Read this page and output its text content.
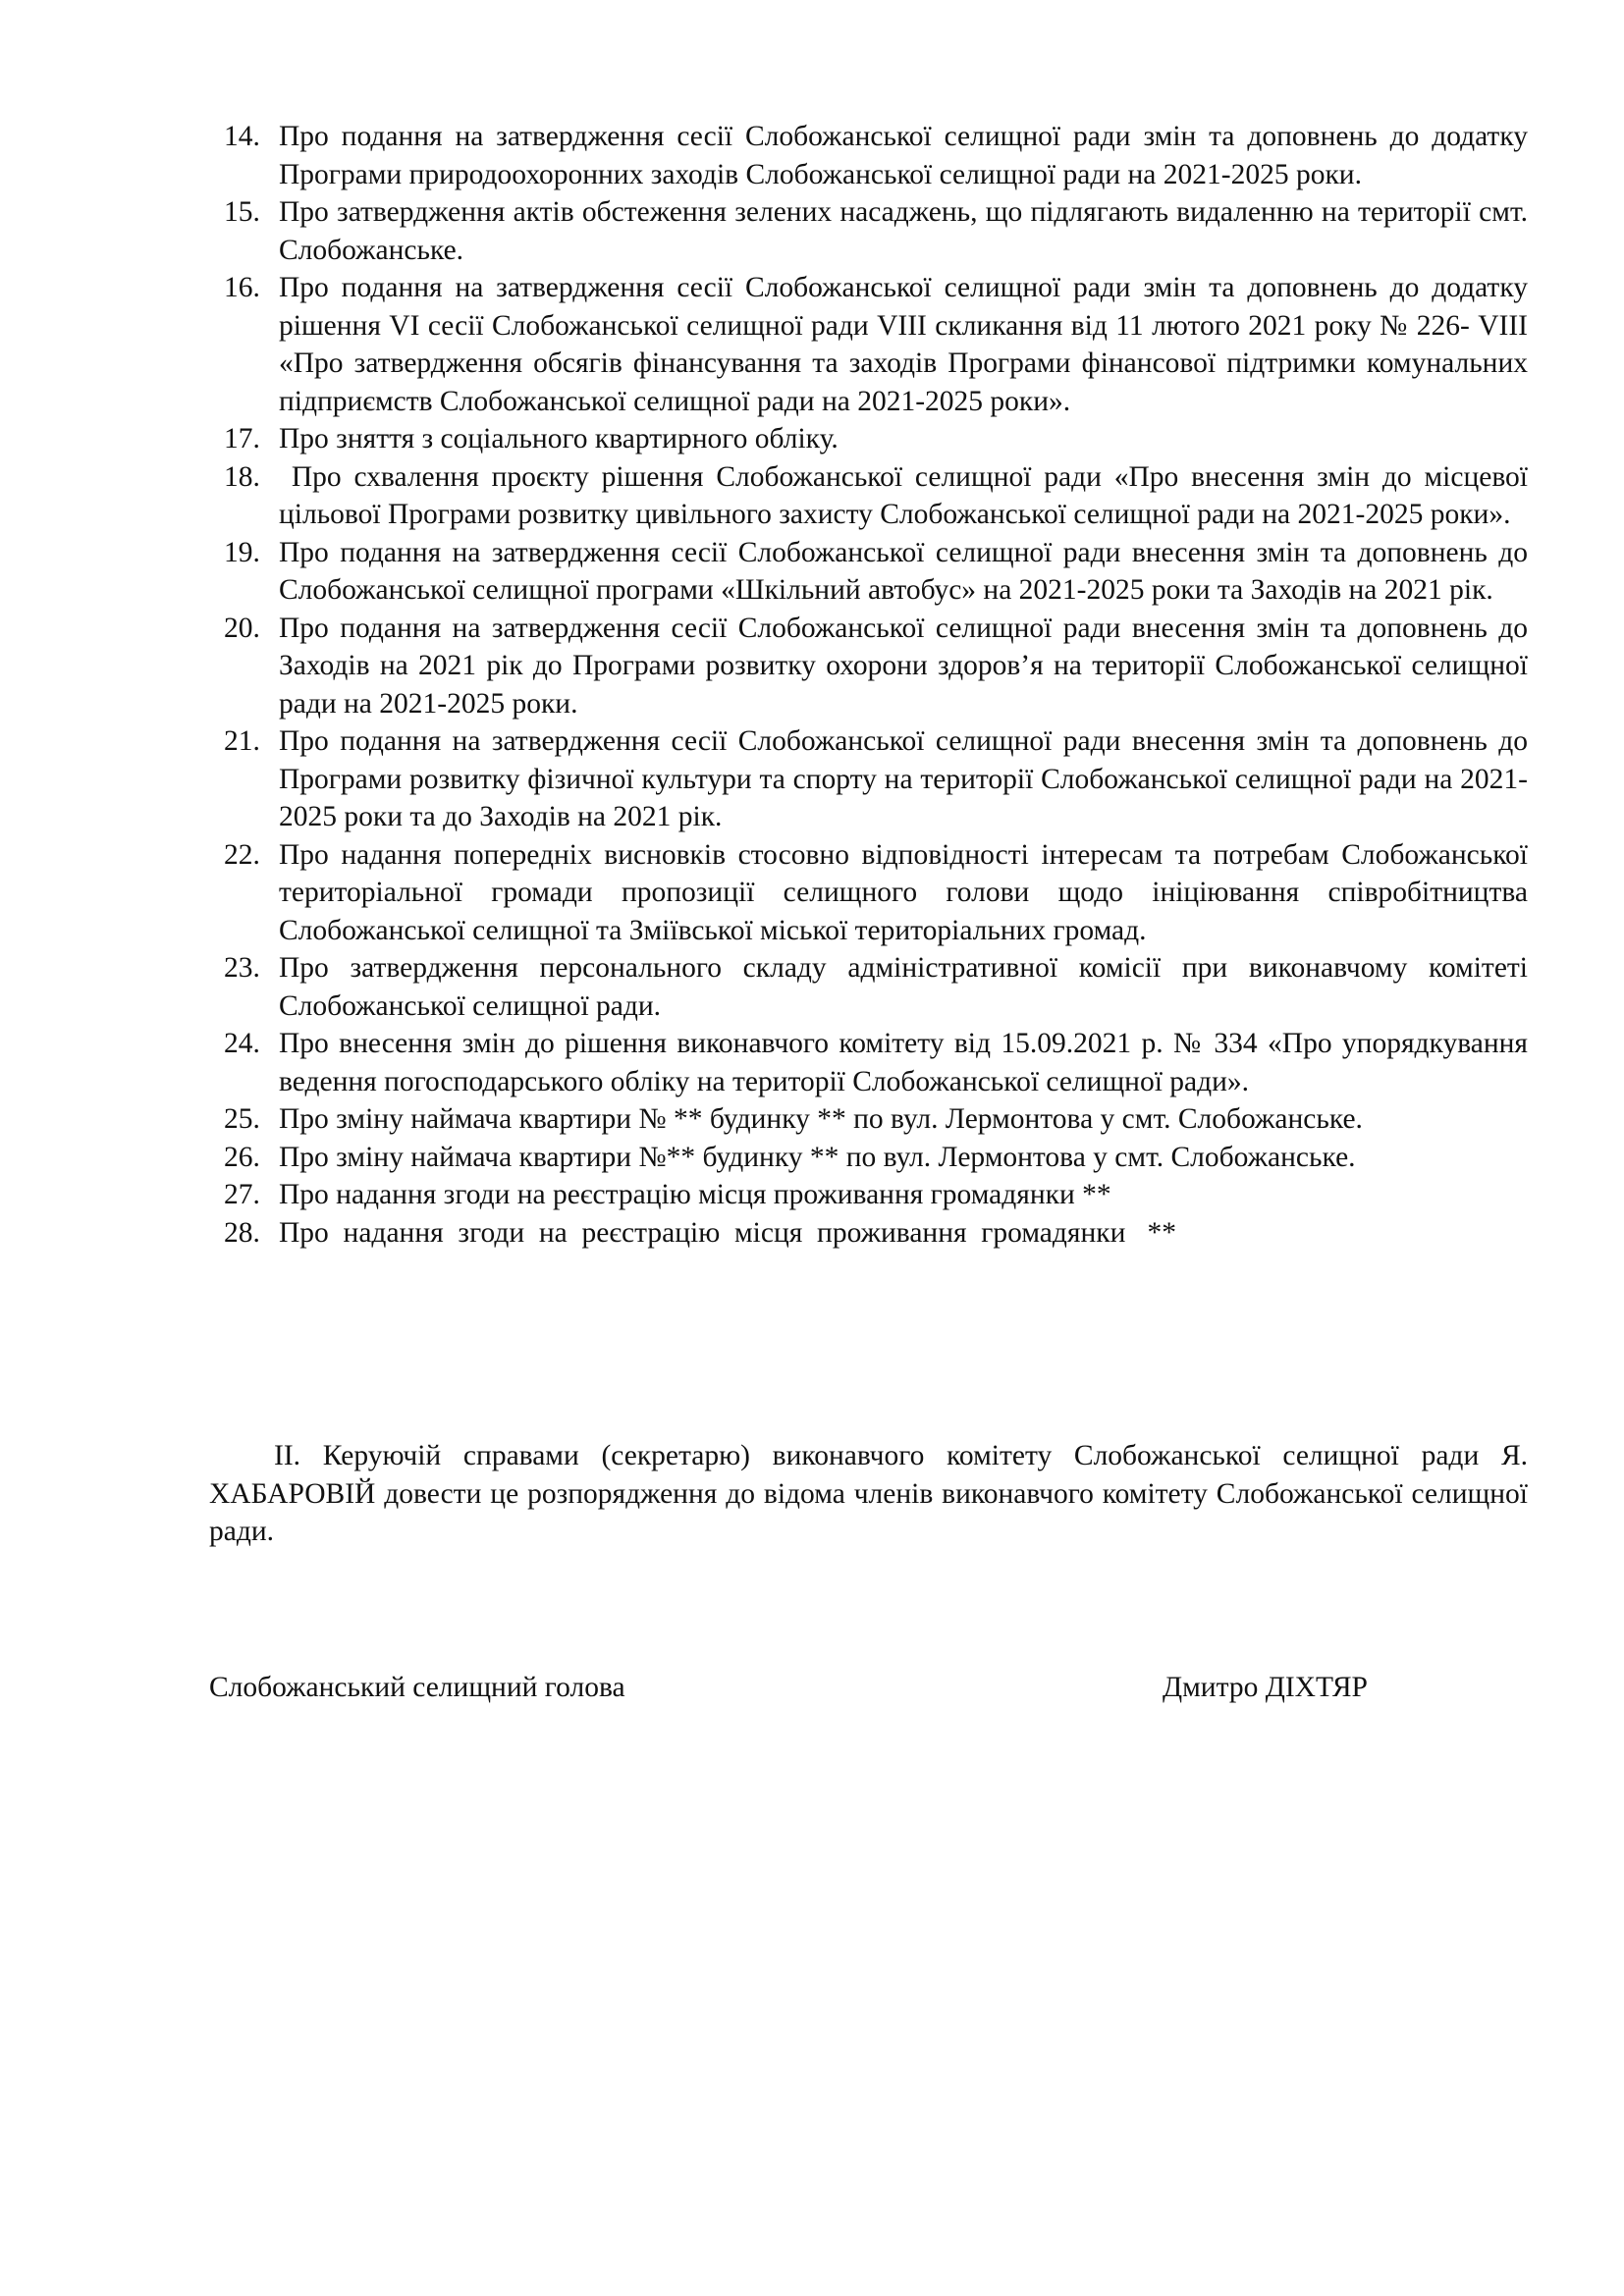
14. Про подання на затвердження сесії Слобожанської селищної ради змін та доповнень до додатку Програми природоохоронних заходів Слобожанської селищної ради на 2021-2025 роки.
15. Про затвердження актів обстеження зелених насаджень, що підлягають видаленню на території смт. Слобожанське.
16. Про подання на затвердження сесії Слобожанської селищної ради змін та доповнень до додатку рішення VI сесії Слобожанської селищної ради VIII скликання від 11 лютого 2021 року № 226- VIII «Про затвердження обсягів фінансування та заходів Програми фінансової підтримки комунальних підприємств Слобожанської селищної ради на 2021-2025 роки».
17. Про зняття з соціального квартирного обліку.
18. Про схвалення проєкту рішення Слобожанської селищної ради «Про внесення змін до місцевої цільової Програми розвитку цивільного захисту Слобожанської селищної ради на 2021-2025 роки».
19. Про подання на затвердження сесії Слобожанської селищної ради внесення змін та доповнень до Слобожанської селищної програми «Шкільний автобус» на 2021-2025 роки та Заходів на 2021 рік.
20. Про подання на затвердження сесії Слобожанської селищної ради внесення змін та доповнень до Заходів на 2021 рік до Програми розвитку охорони здоров’я на території Слобожанської селищної ради на 2021-2025 роки.
21. Про подання на затвердження сесії Слобожанської селищної ради внесення змін та доповнень до Програми розвитку фізичної культури та спорту на території Слобожанської селищної ради на 2021-2025 роки та до Заходів на 2021 рік.
22. Про надання попередніх висновків стосовно відповідності інтересам та потребам Слобожанської територіальної громади пропозиції селищного голови щодо ініціювання співробітництва Слобожанської селищної та Зміївської міської територіальних громад.
23. Про затвердження персонального складу адміністративної комісії при виконавчому комітеті Слобожанської селищної ради.
24. Про внесення змін до рішення виконавчого комітету від 15.09.2021 р. № 334 «Про упорядкування ведення погосподарського обліку на території Слобожанської селищної ради».
25. Про зміну наймача квартири № ** будинку ** по вул. Лермонтова у смт. Слобожанське.
26. Про зміну наймача квартири №** будинку ** по вул. Лермонтова у смт. Слобожанське.
27. Про надання згоди на реєстрацію місця проживання громадянки **
28. Про  надання  згоди  на  реєстрацію  місця  проживання  громадянки   **

ІІ. Керуючій справами (секретарю) виконавчого комітету Слобожанської селищної ради Я. ХАБАРОВІЙ довести це розпорядження до відома членів виконавчого комітету Слобожанської селищної ради.

Слобожанський селищний голова	Дмитро ДІХТЯР
